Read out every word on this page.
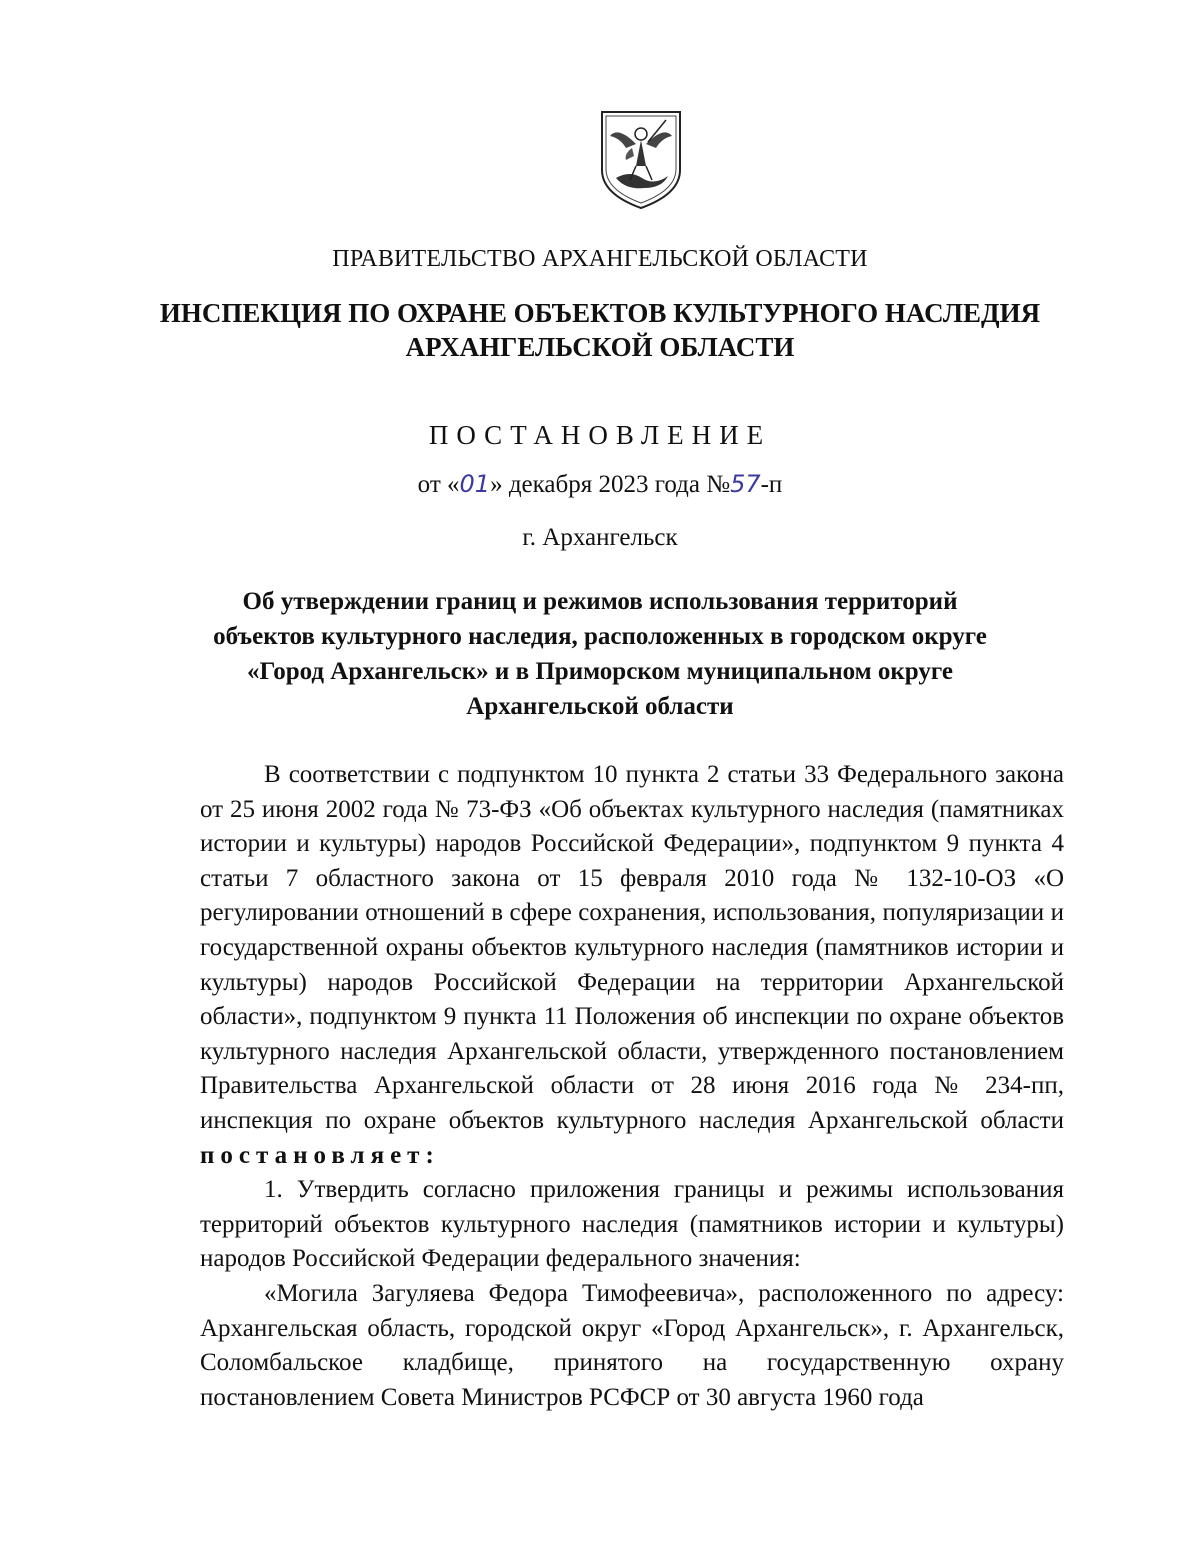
ПРАВИТЕЛЬСТВО АРХАНГЕЛЬСКОЙ ОБЛАСТИ
ИНСПЕКЦИЯ ПО ОХРАНЕ ОБЪЕКТОВ КУЛЬТУРНОГО НАСЛЕДИЯ
АРХАНГЕЛЬСКОЙ ОБЛАСТИ
ПОСТАНОВЛЕНИЕ
от «01» декабря 2023 года №57-п
г. Архангельск
Об утверждении границ и режимов использования территорий
объектов культурного наследия, расположенных в городском округе
«Город Архангельск» и в Приморском муниципальном округе
Архангельской области

В соответствии с подпунктом 10 пункта 2 статьи 33 Федерального закона от 25 июня 2002 года № 73-ФЗ «Об объектах культурного наследия (памятниках истории и культуры) народов Российской Федерации», подпунктом 9 пункта 4 статьи 7 областного закона от 15 февраля 2010 года № 132-10-ОЗ «О регулировании отношений в сфере сохранения, использования, популяризации и государственной охраны объектов культурного наследия (памятников истории и культуры) народов Российской Федерации на территории Архангельской области», подпунктом 9 пункта 11 Положения об инспекции по охране объектов культурного наследия Архангельской области, утвержденного постановлением Правительства Архангельской области от 28 июня 2016 года № 234-пп, инспекция по охране объектов культурного наследия Архангельской области постановляет:

1. Утвердить согласно приложения границы и режимы использования территорий объектов культурного наследия (памятников истории и культуры) народов Российской Федерации федерального значения:

«Могила Загуляева Федора Тимофеевича», расположенного по адресу: Архангельская область, городской округ «Город Архангельск», г. Архангельск, Соломбальское кладбище, принятого на государственную охрану постановлением Совета Министров РСФСР от 30 августа 1960 года
